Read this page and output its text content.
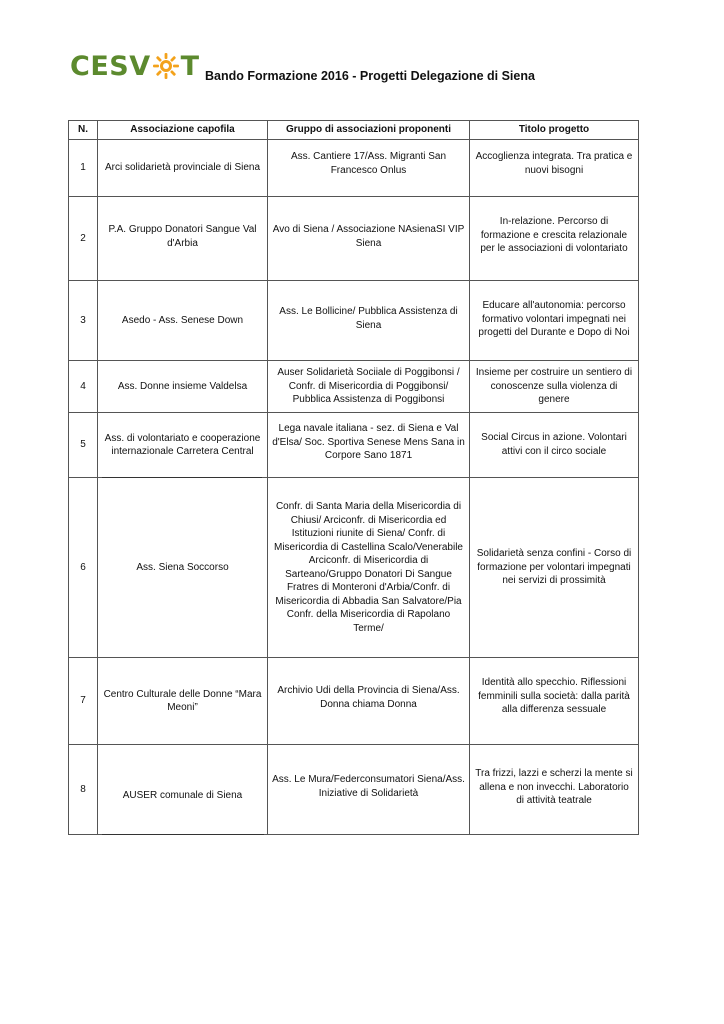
CESV T Bando Formazione 2016 - Progetti Delegazione di Siena
N.	Associazione capofila	Gruppo di associazioni proponenti	Titolo progetto
1	Arci solidarietà provinciale di Siena	Ass. Cantiere 17/Ass. Migranti San Francesco Onlus	Accoglienza integrata. Tra pratica e nuovi bisogni
2	P.A. Gruppo Donatori Sangue Val d'Arbia	Avo di Siena / Associazione NAsienaSI VIP Siena	In-relazione. Percorso di formazione e crescita relazionale per le associazioni di volontariato
3	Asedo - Ass. Senese Down	Ass. Le Bollicine/ Pubblica Assistenza di Siena	Educare all'autonomia: percorso formativo volontari impegnati nei progetti del Durante e Dopo di Noi
4	Ass. Donne insieme Valdelsa	Auser Solidarietà Sociiale di Poggibonsi / Confr. di Misericordia di Poggibonsi/ Pubblica Assistenza di Poggibonsi	Insieme per costruire un sentiero di conoscenze sulla violenza di genere
5	Ass. di volontariato e cooperazione internazionale Carretera Central	Lega navale italiana - sez. di Siena e Val d'Elsa/ Soc. Sportiva Senese Mens Sana in Corpore Sano 1871	Social Circus in azione. Volontari attivi con il circo sociale
6	Ass. Siena Soccorso	Confr. di Santa Maria della Misericordia di Chiusi/ Arciconfr. di Misericordia ed Istituzioni riunite di Siena/ Confr. di Misericordia di Castellina Scalo/Venerabile Arciconfr. di Misericordia di Sarteano/Gruppo Donatori Di Sangue Fratres di Monteroni d'Arbia/Confr. di Misericordia di Abbadia San Salvatore/Pia Confr. della Misericordia di Rapolano Terme/	Solidarietà senza confini - Corso di formazione per volontari impegnati nei servizi di prossimità
7	Centro Culturale delle Donne “Mara Meoni”	Archivio Udi della Provincia di Siena/Ass. Donna chiama Donna	Identità allo specchio. Riflessioni femminili sulla società: dalla parità alla differenza sessuale
8	AUSER comunale di Siena	Ass. Le Mura/Federconsumatori Siena/Ass. Iniziative di Solidarietà	Tra frizzi, lazzi e scherzi la mente si allena e non invecchi. Laboratorio di attività teatrale
